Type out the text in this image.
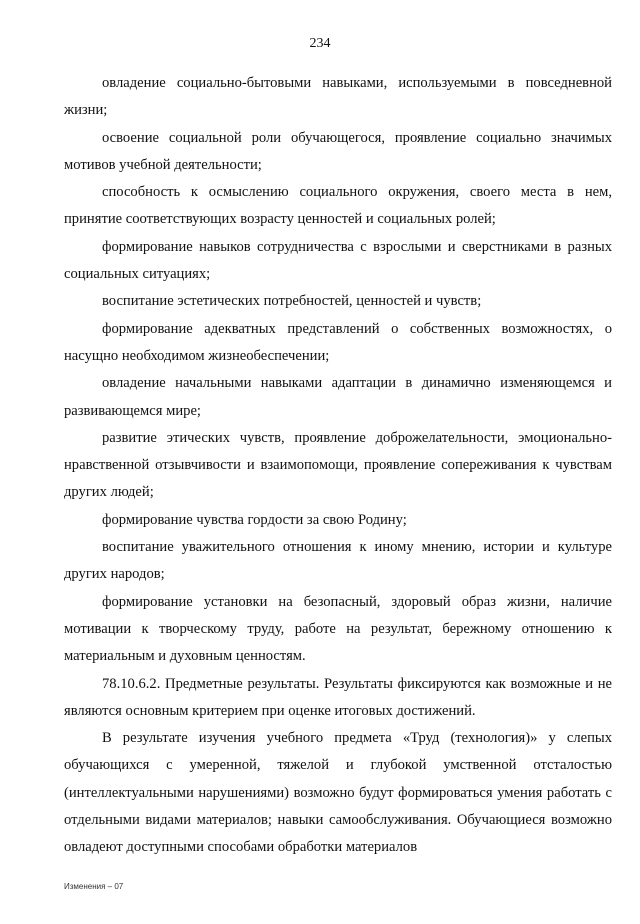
234

овладение социально-бытовыми навыками, используемыми в повседневной жизни;

освоение социальной роли обучающегося, проявление социально значимых мотивов учебной деятельности;

способность к осмыслению социального окружения, своего места в нем, принятие соответствующих возрасту ценностей и социальных ролей;

формирование навыков сотрудничества с взрослыми и сверстниками в разных социальных ситуациях;

воспитание эстетических потребностей, ценностей и чувств;

формирование адекватных представлений о собственных возможностях, о насущно необходимом жизнеобеспечении;

овладение начальными навыками адаптации в динамично изменяющемся и развивающемся мире;

развитие этических чувств, проявление доброжелательности, эмоционально-нравственной отзывчивости и взаимопомощи, проявление сопереживания к чувствам других людей;

формирование чувства гордости за свою Родину;

воспитание уважительного отношения к иному мнению, истории и культуре других народов;

формирование установки на безопасный, здоровый образ жизни, наличие мотивации к творческому труду, работе на результат, бережному отношению к материальным и духовным ценностям.

78.10.6.2. Предметные результаты. Результаты фиксируются как возможные и не являются основным критерием при оценке итоговых достижений.

В результате изучения учебного предмета «Труд (технология)» у слепых обучающихся с умеренной, тяжелой и глубокой умственной отсталостью (интеллектуальными нарушениями) возможно будут формироваться умения работать с отдельными видами материалов; навыки самообслуживания. Обучающиеся возможно овладеют доступными способами обработки материалов

Изменения – 07
